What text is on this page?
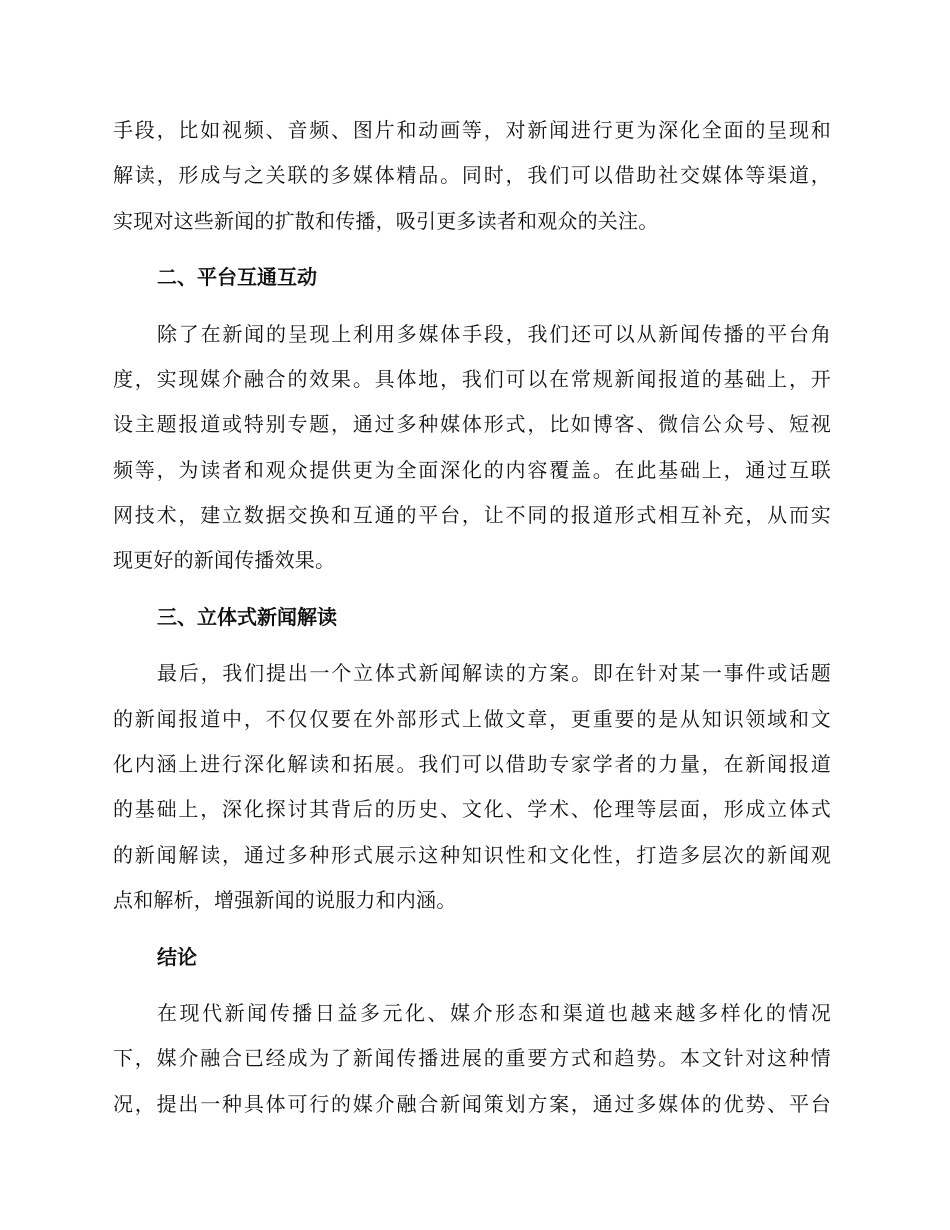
手段，比如视频、音频、图片和动画等，对新闻进行更为深化全面的呈现和
解读，形成与之关联的多媒体精品。同时，我们可以借助社交媒体等渠道，
实现对这些新闻的扩散和传播，吸引更多读者和观众的关注。

二、平台互通互动

除了在新闻的呈现上利用多媒体手段，我们还可以从新闻传播的平台角
度，实现媒介融合的效果。具体地，我们可以在常规新闻报道的基础上，开
设主题报道或特别专题，通过多种媒体形式，比如博客、微信公众号、短视
频等，为读者和观众提供更为全面深化的内容覆盖。在此基础上，通过互联
网技术，建立数据交换和互通的平台，让不同的报道形式相互补充，从而实
现更好的新闻传播效果。

三、立体式新闻解读

最后，我们提出一个立体式新闻解读的方案。即在针对某一事件或话题
的新闻报道中，不仅仅要在外部形式上做文章，更重要的是从知识领域和文
化内涵上进行深化解读和拓展。我们可以借助专家学者的力量，在新闻报道
的基础上，深化探讨其背后的历史、文化、学术、伦理等层面，形成立体式
的新闻解读，通过多种形式展示这种知识性和文化性，打造多层次的新闻观
点和解析，增强新闻的说服力和内涵。

结论

在现代新闻传播日益多元化、媒介形态和渠道也越来越多样化的情况
下，媒介融合已经成为了新闻传播进展的重要方式和趋势。本文针对这种情
况，提出一种具体可行的媒介融合新闻策划方案，通过多媒体的优势、平台
